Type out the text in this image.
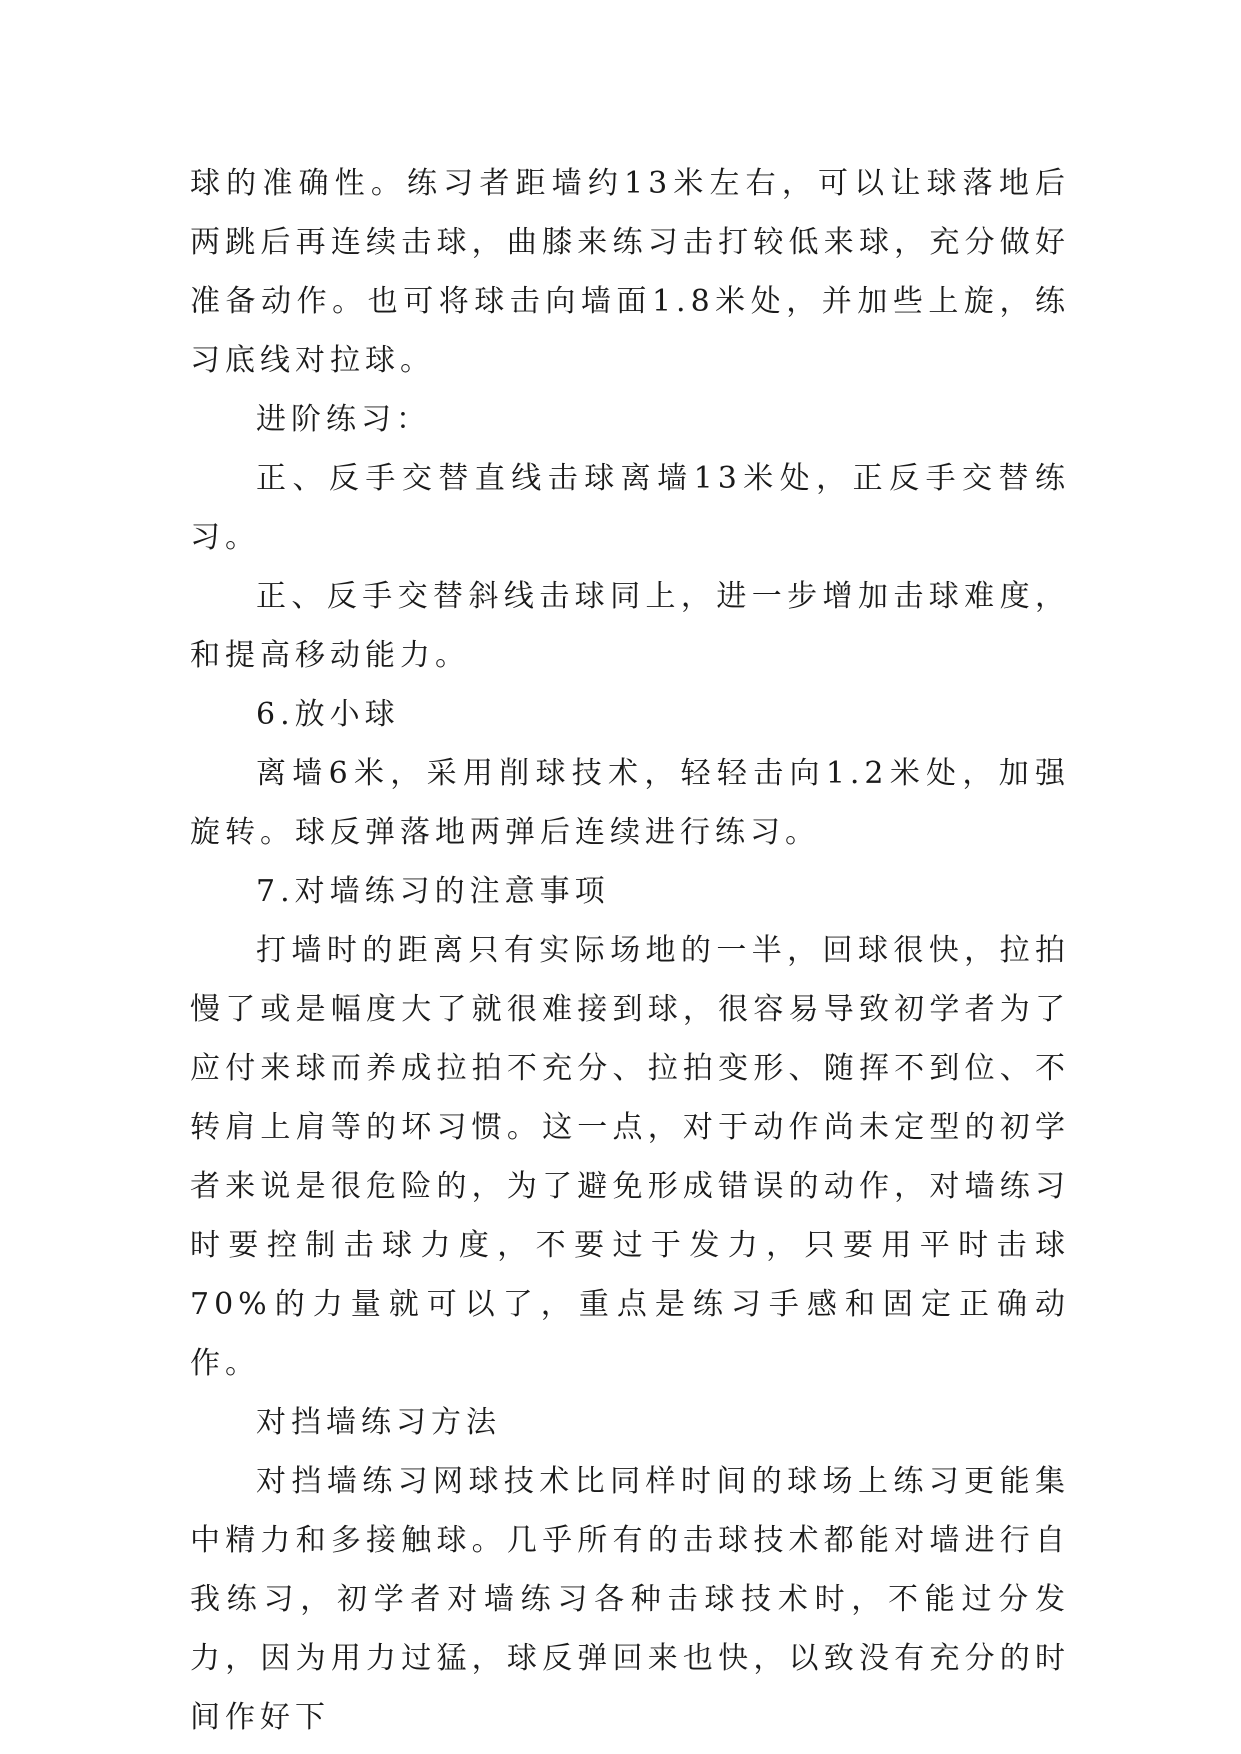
球的准确性。练习者距墙约13米左右，可以让球落地后两跳后再连续击球，曲膝来练习击打较低来球，充分做好准备动作。也可将球击向墙面1.8米处，并加些上旋，练习底线对拉球。

进阶练习：

正、反手交替直线击球离墙13米处，正反手交替练习。

正、反手交替斜线击球同上，进一步增加击球难度，和提高移动能力。

6.放小球

离墙6米，采用削球技术，轻轻击向1.2米处，加强旋转。球反弹落地两弹后连续进行练习。

7.对墙练习的注意事项

打墙时的距离只有实际场地的一半，回球很快，拉拍慢了或是幅度大了就很难接到球，很容易导致初学者为了应付来球而养成拉拍不充分、拉拍变形、随挥不到位、不转肩上肩等的坏习惯。这一点，对于动作尚未定型的初学者来说是很危险的，为了避免形成错误的动作，对墙练习时要控制击球力度，不要过于发力，只要用平时击球70%的力量就可以了，重点是练习手感和固定正确动作。

对挡墙练习方法

对挡墙练习网球技术比同样时间的球场上练习更能集中精力和多接触球。几乎所有的击球技术都能对墙进行自我练习，初学者对墙练习各种击球技术时，不能过分发力，因为用力过猛，球反弹回来也快，以致没有充分的时间作好下
